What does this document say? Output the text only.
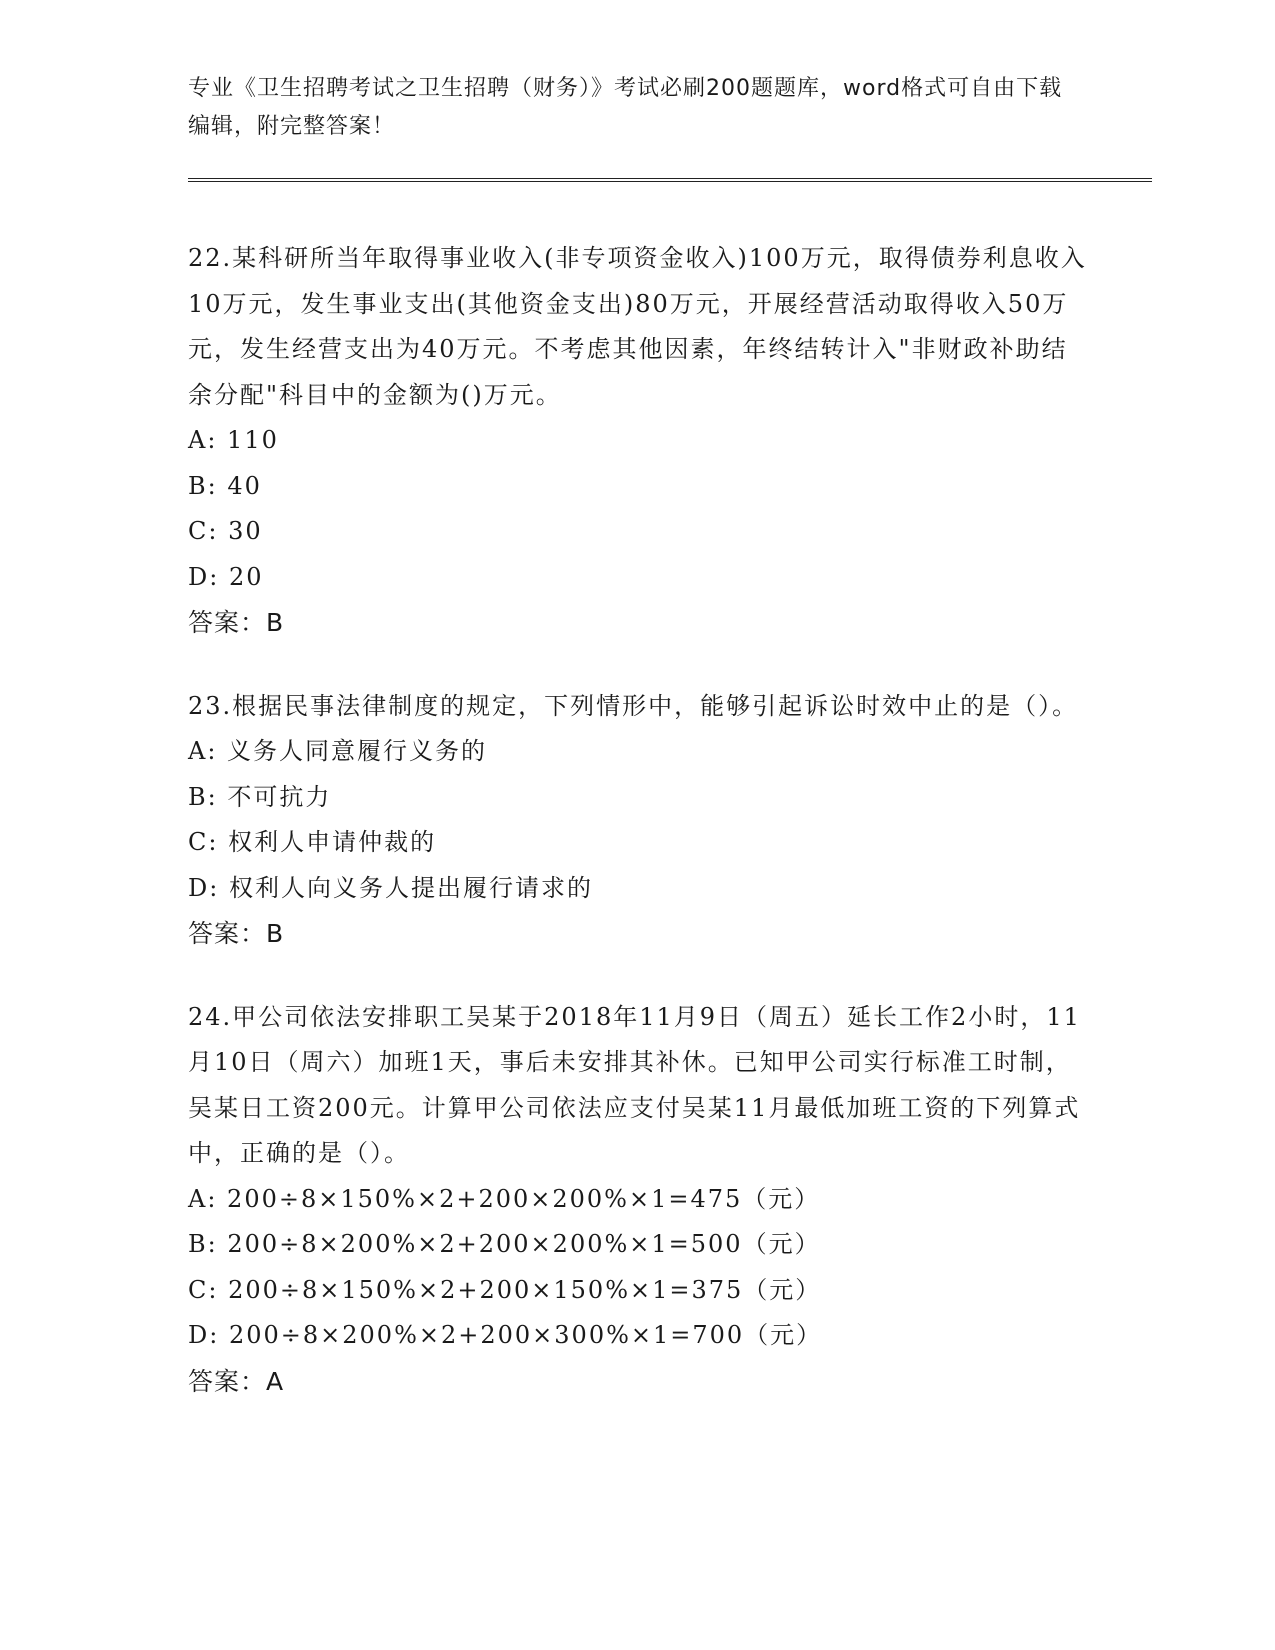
专业《卫生招聘考试之卫生招聘（财务）》考试必刷200题题库，word格式可自由下载编辑，附完整答案！
22.某科研所当年取得事业收入(非专项资金收入)100万元，取得债券利息收入10万元，发生事业支出(其他资金支出)80万元，开展经营活动取得收入50万元，发生经营支出为40万元。不考虑其他因素，年终结转计入"非财政补助结余分配"科目中的金额为()万元。
A: 110
B: 40
C: 30
D: 20
答案：B
23.根据民事法律制度的规定，下列情形中，能够引起诉讼时效中止的是（）。
A: 义务人同意履行义务的
B: 不可抗力
C: 权利人申请仲裁的
D: 权利人向义务人提出履行请求的
答案：B
24.甲公司依法安排职工吴某于2018年11月9日（周五）延长工作2小时，11月10日（周六）加班1天，事后未安排其补休。已知甲公司实行标准工时制，吴某日工资200元。计算甲公司依法应支付吴某11月最低加班工资的下列算式中，正确的是（）。
A: 200÷8×150%×2+200×200%×1=475（元）
B: 200÷8×200%×2+200×200%×1=500（元）
C: 200÷8×150%×2+200×150%×1=375（元）
D: 200÷8×200%×2+200×300%×1=700（元）
答案：A
